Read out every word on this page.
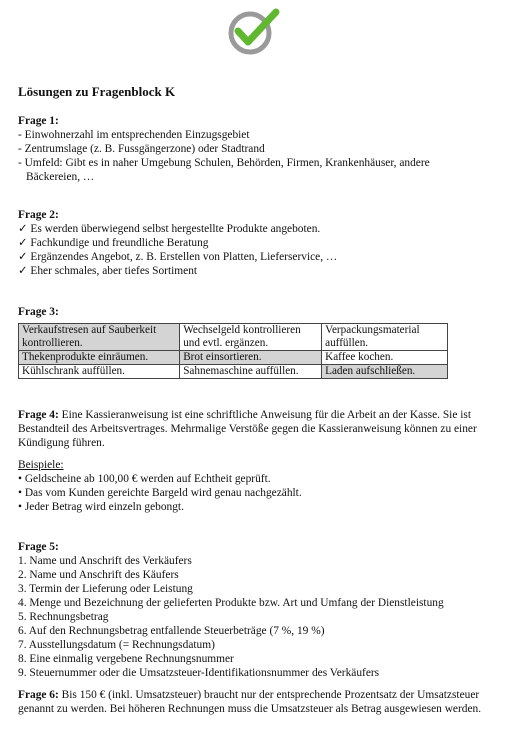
Lösungen zu Fragenblock K

Frage 1:

- Einwohnerzahl im entsprechenden Einzugsgebiet

- Zentrumslage (z. B. Fussgängerzone) oder Stadtrand

- Umfeld: Gibt es in naher Umgebung Schulen, Behörden, Firmen, Krankenhäuser, andere

Bäckereien, …

Frage 2:

✓ Es werden überwiegend selbst hergestellte Produkte angeboten.

✓ Fachkundige und freundliche Beratung

✓ Ergänzendes Angebot, z. B. Erstellen von Platten, Lieferservice, …

✓ Eher schmales, aber tiefes Sortiment

Frage 3:

Verkaufstresen auf Sauberkeit kontrollieren.	Wechselgeld kontrollieren und evtl. ergänzen.	Verpackungsmaterial auffüllen.
Thekenprodukte einräumen.	Brot einsortieren.	Kaffee kochen.
Kühlschrank auffüllen.	Sahnemaschine auffüllen.	Laden aufschließen.

Frage 4: Eine Kassieranweisung ist eine schriftliche Anweisung für die Arbeit an der Kasse. Sie ist Bestandteil des Arbeitsvertrages. Mehrmalige Verstöße gegen die Kassieranweisung können zu einer Kündigung führen.

Beispiele:

• Geldscheine ab 100,00 € werden auf Echtheit geprüft.

• Das vom Kunden gereichte Bargeld wird genau nachgezählt.

• Jeder Betrag wird einzeln gebongt.

Frage 5:

1. Name und Anschrift des Verkäufers

2. Name und Anschrift des Käufers

3. Termin der Lieferung oder Leistung

4. Menge und Bezeichnung der gelieferten Produkte bzw. Art und Umfang der Dienstleistung

5. Rechnungsbetrag

6. Auf den Rechnungsbetrag entfallende Steuerbeträge (7 %, 19 %)

7. Ausstellungsdatum (= Rechnungsdatum)

8. Eine einmalig vergebene Rechnungsnummer

9. Steuernummer oder die Umsatzsteuer-Identifikationsnummer des Verkäufers

Frage 6: Bis 150 € (inkl. Umsatzsteuer) braucht nur der entsprechende Prozentsatz der Umsatzsteuer genannt zu werden. Bei höheren Rechnungen muss die Umsatzsteuer als Betrag ausgewiesen werden.
